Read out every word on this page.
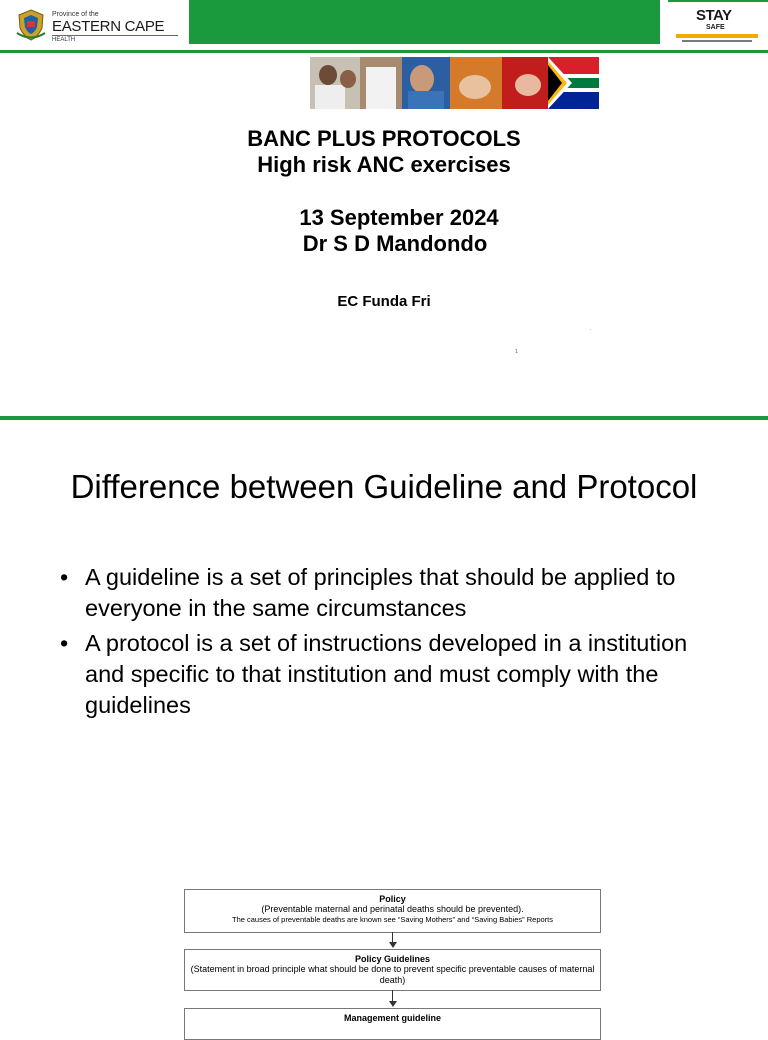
Province of the
EASTERN CAPE
HEALTH
STAY
SAFE
BANC PLUS PROTOCOLS
High risk ANC exercises
13 September 2024
Dr S D Mandondo
EC Funda Fri
.
1
Difference between Guideline and Protocol
• A guideline is a set of principles that should be applied to everyone in the same circumstances
• A protocol is a set of instructions developed in a institution and specific to that institution and must comply with the guidelines
Policy
(Preventable maternal and perinatal deaths should be prevented).
The causes of preventable deaths are known see “Saving Mothers” and “Saving Babies” Reports
Policy Guidelines
(Statement in broad principle what should be done to prevent specific preventable causes of maternal death)
Management guideline
